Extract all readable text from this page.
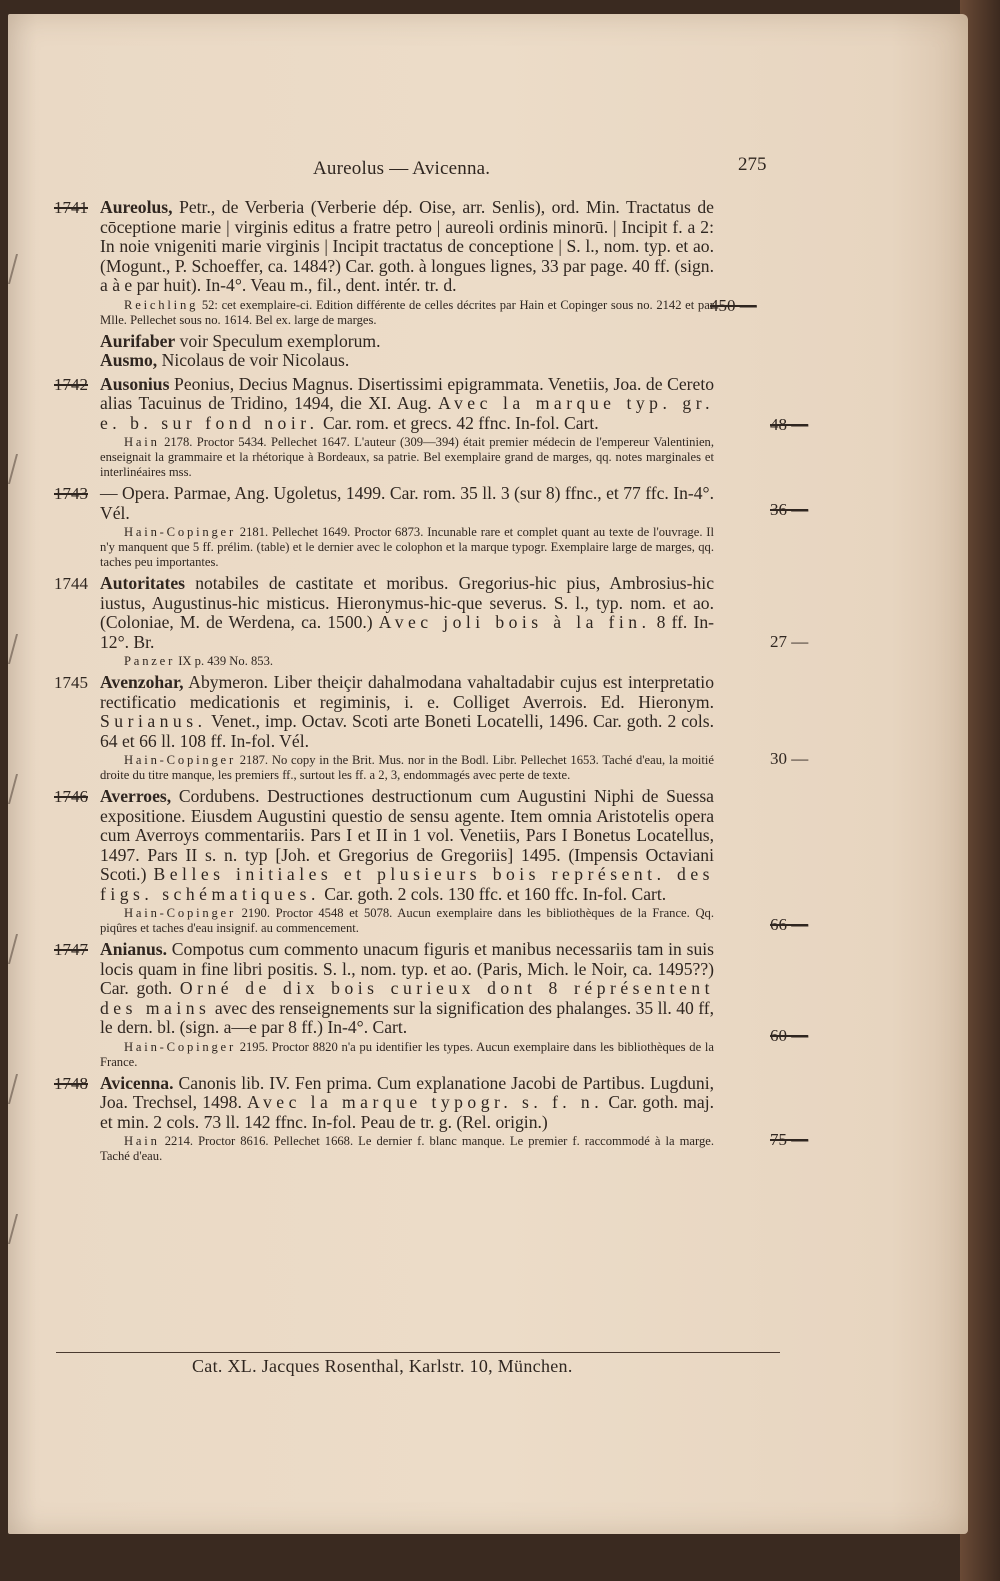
Aureolus — Avicenna.	275
1741 Aureolus, Petr., de Verberia (Verberie dép. Oise, arr. Senlis), ord. Min. Tractatus de cōceptione marie | virginis editus a fratre petro | aureoli ordinis minorū. | Incipit f. a 2: In noie vnigeniti marie virginis | Incipit tractatus de conceptione | S. l., nom. typ. et ao. (Mogunt., P. Schoeffer, ca. 1484?) Car. goth. à longues lignes, 33 par page. 40 ff. (sign. a à e par huit). In-4°. Veau m., fil., dent. intér. tr. d.
Reichling 52: cet exemplaire-ci. Edition différente de celles décrites par Hain et Copinger sous no. 2142 et par Mlle. Pellechet sous no. 1614. Bel ex. large de marges.
450 —
Aurifaber voir Speculum exemplorum.
Ausmo, Nicolaus de voir Nicolaus.
1742 Ausonius Peonius, Decius Magnus. Disertissimi epigrammata. Venetiis, Joa. de Cereto alias Tacuinus de Tridino, 1494, die XI. Aug. Avec la marque typ. gr. e. b. sur fond noir. Car. rom. et grecs. 42 ffnc. In-fol. Cart.
Hain 2178. Proctor 5434. Pellechet 1647. L'auteur (309—394) était premier médecin de l'empereur Valentinien, enseignait la grammaire et la rhétorique à Bordeaux, sa patrie. Bel exemplaire grand de marges, qq. notes marginales et interlinéaires mss.
48 —
1743 — Opera. Parmae, Ang. Ugoletus, 1499. Car. rom. 35 ll. 3 (sur 8) ffnc., et 77 ffc. In-4°. Vél.
Hain-Copinger 2181. Pellechet 1649. Proctor 6873. Incunable rare et complet quant au texte de l'ouvrage. Il n'y manquent que 5 ff. prélim. (table) et le dernier avec le colophon et la marque typogr. Exemplaire large de marges, qq. taches peu importantes.
36 —
1744 Autoritates notabiles de castitate et moribus. Gregorius-hic pius, Ambrosius-hic iustus, Augustinus-hic misticus. Hieronymus-hic-que severus. S. l., typ. nom. et ao. (Coloniae, M. de Werdena, ca. 1500.) Avec joli bois à la fin. 8 ff. In-12°. Br.
Panzer IX p. 439 No. 853.
27 —
1745 Avenzohar, Abymeron. Liber theiçir dahalmodana vahaltadabir cujus est interpretatio rectificatio medicationis et regiminis, i. e. Colliget Averrois. Ed. Hieronym. Surianus. Venet., imp. Octav. Scoti arte Boneti Locatelli, 1496. Car. goth. 2 cols. 64 et 66 ll. 108 ff. In-fol. Vél.
Hain-Copinger 2187. No copy in the Brit. Mus. nor in the Bodl. Libr. Pellechet 1653. Taché d'eau, la moitié droite du titre manque, les premiers ff., surtout les ff. a 2, 3, endommagés avec perte de texte.
30 —
1746 Averroes, Cordubens. Destructiones destructionum cum Augustini Niphi de Suessa expositione. Eiusdem Augustini questio de sensu agente. Item omnia Aristotelis opera cum Averroys commentariis. Pars I et II in 1 vol. Venetiis, Pars I Bonetus Locatellus, 1497. Pars II s. n. typ [Joh. et Gregorius de Gregoriis] 1495. (Impensis Octaviani Scoti.) Belles initiales et plusieurs bois représent. des figs. schématiques. Car. goth. 2 cols. 130 ffc. et 160 ffc. In-fol. Cart.
Hain-Copinger 2190. Proctor 4548 et 5078. Aucun exemplaire dans les bibliothèques de la France. Qq. piqûres et taches d'eau insignif. au commencement.	66 —
1747 Anianus. Compotus cum commento unacum figuris et manibus necessariis tam in suis locis quam in fine libri positis. S. l., nom. typ. et ao. (Paris, Mich. le Noir, ca. 1495??) Car. goth. Orné de dix bois curieux dont 8 réprésentent des mains avec des renseignements sur la signification des phalanges. 35 ll. 40 ff, le dern. bl. (sign. a—e par 8 ff.) In-4°. Cart.
Hain-Copinger 2195. Proctor 8820 n'a pu identifier les types. Aucun exemplaire dans les bibliothèques de la France.
60 —
1748 Avicenna. Canonis lib. IV. Fen prima. Cum explanatione Jacobi de Partibus. Lugduni, Joa. Trechsel, 1498. Avec la marque typogr. s. f. n. Car. goth. maj. et min. 2 cols. 73 ll. 142 ffnc. In-fol. Peau de tr. g. (Rel. origin.)
Hain 2214. Proctor 8616. Pellechet 1668. Le dernier f. blanc manque. Le premier f. raccommodé à la marge. Taché d'eau.
75 —
Cat. XL. Jacques Rosenthal, Karlstr. 10, München.
